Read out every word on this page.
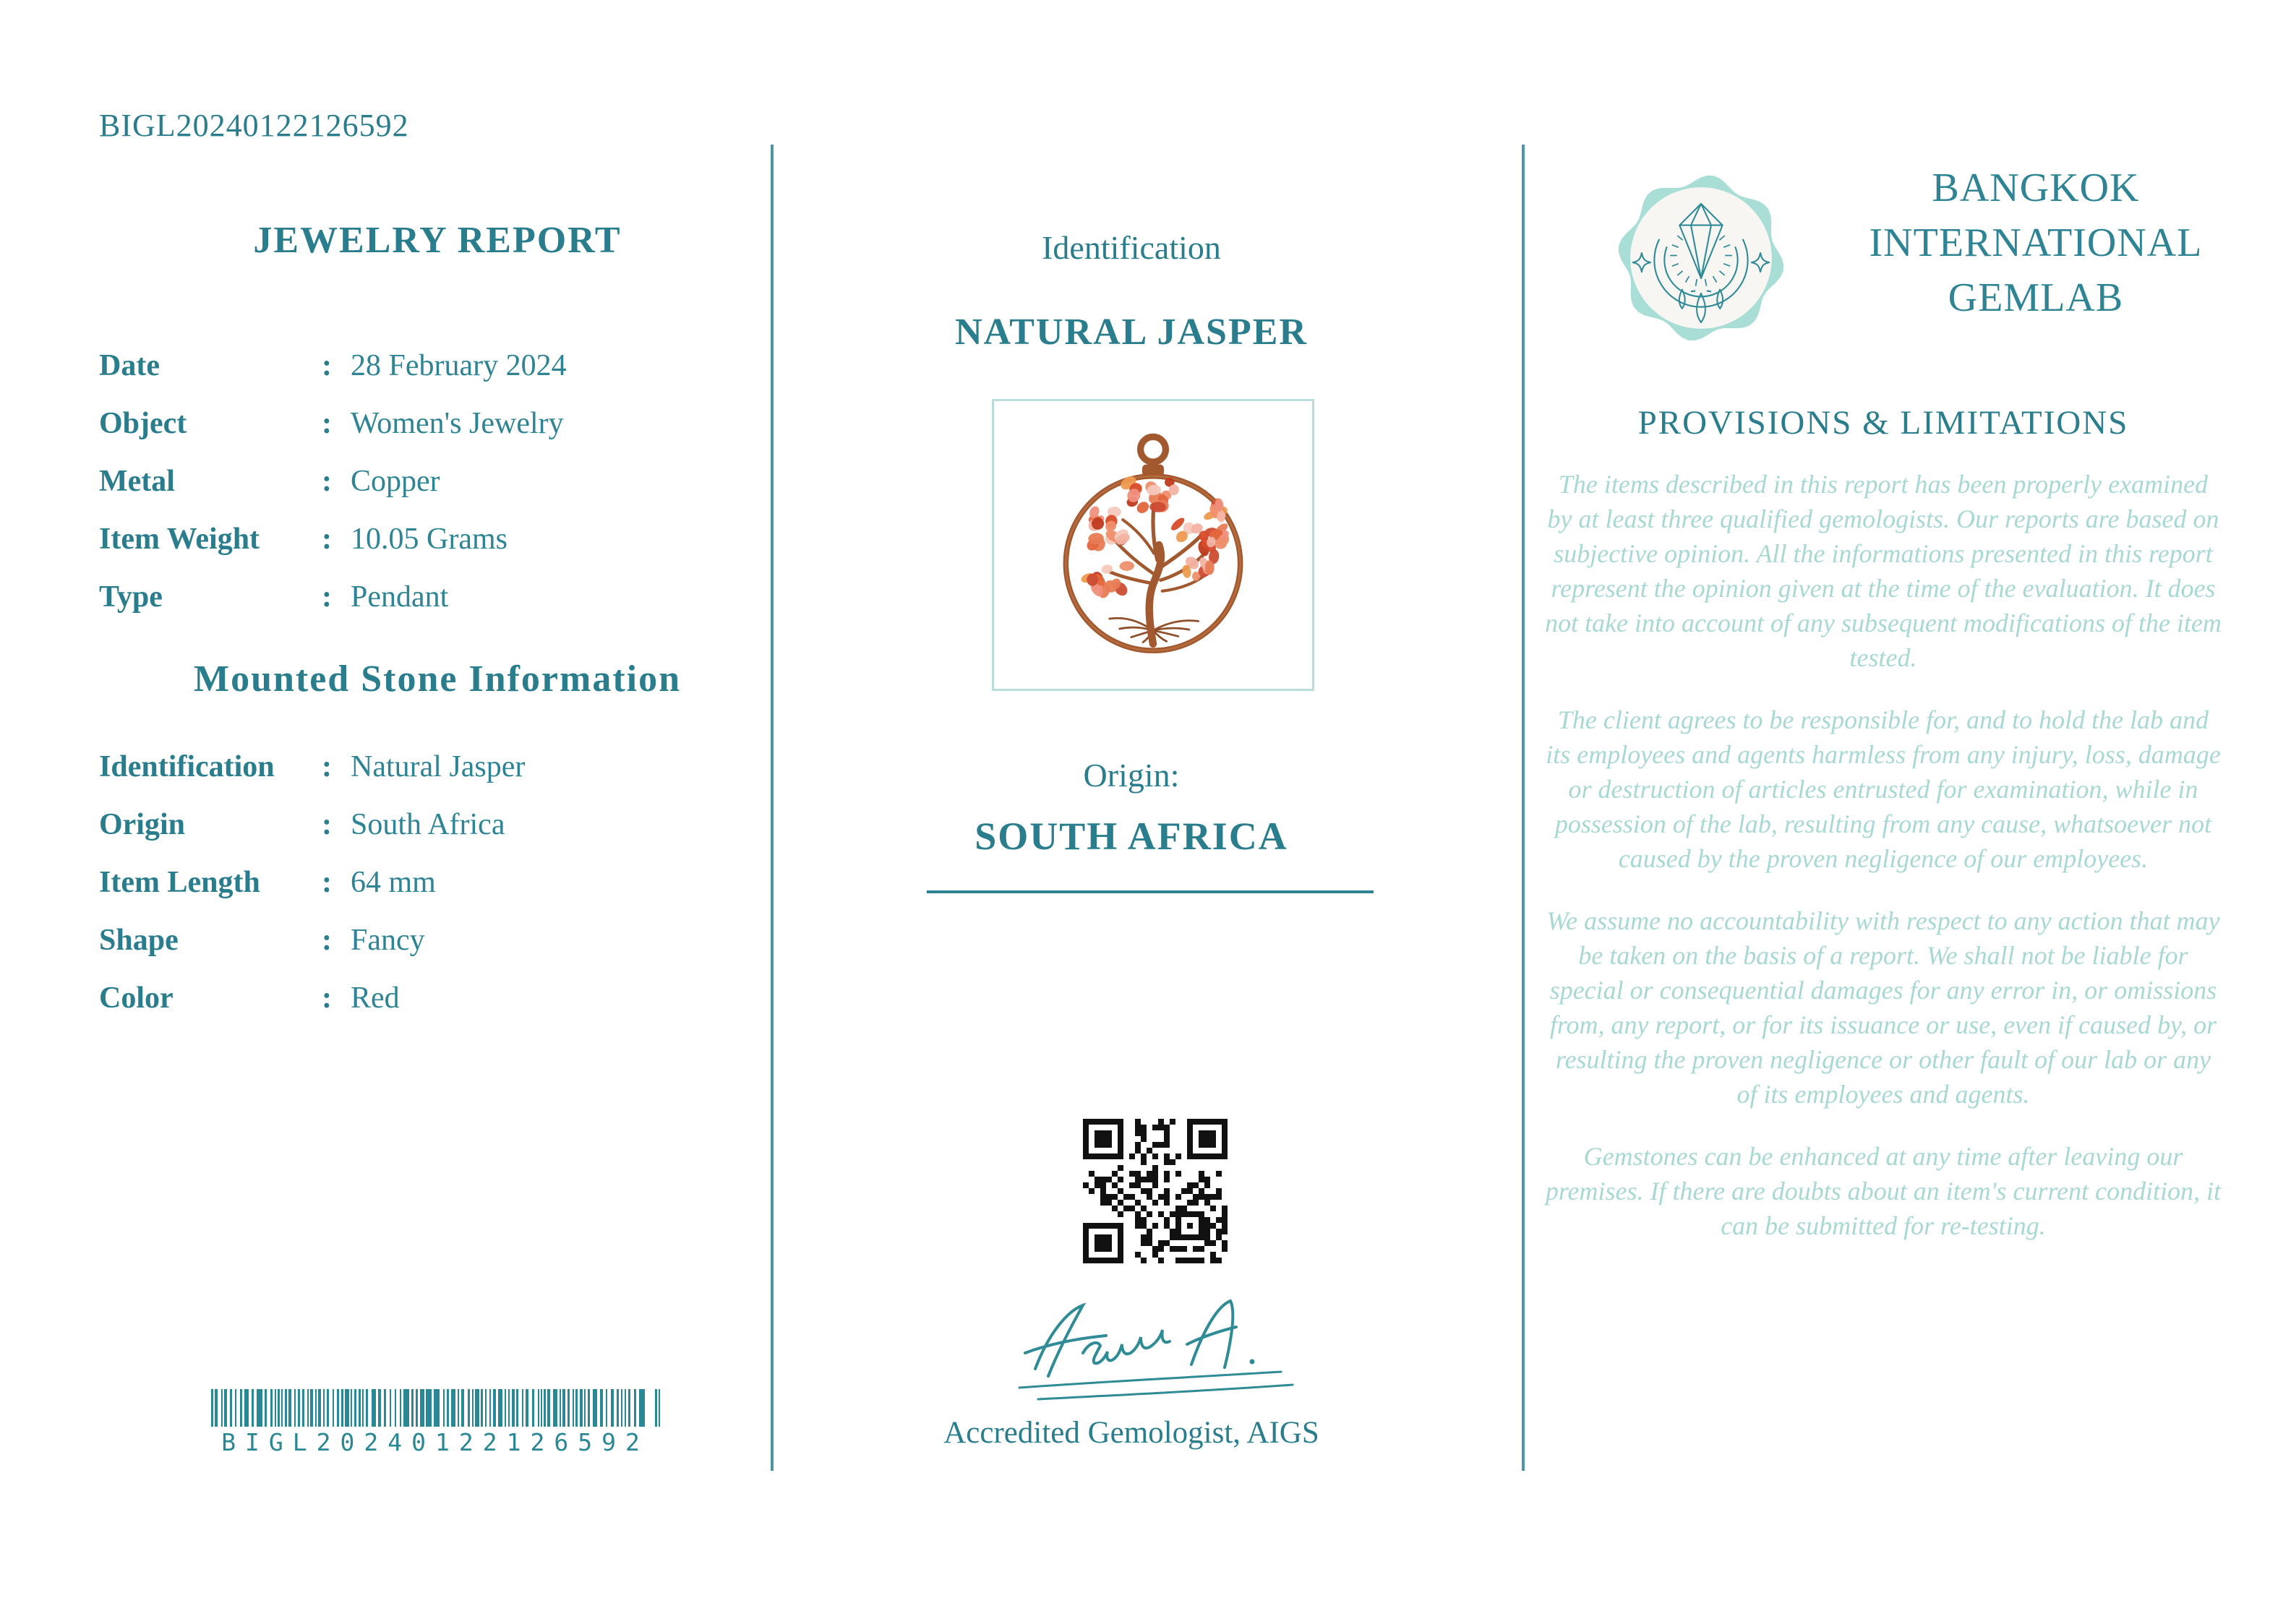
BIGL20240122126592
JEWELRY REPORT
Date	: 28 February 2024
Object	: Women's Jewelry
Metal	: Copper
Item Weight	: 10.05 Grams
Type	: Pendant
Mounted Stone Information
Identification	: Natural Jasper
Origin	: South Africa
Item Length	: 64 mm
Shape	: Fancy
Color	: Red
BIGL20240122126592
Identification
NATURAL JASPER
Origin:
SOUTH AFRICA
Accredited Gemologist, AIGS
BANGKOK
INTERNATIONAL
GEMLAB
PROVISIONS & LIMITATIONS

The items described in this report has been properly examined by at least three qualified gemologists. Our reports are based on subjective opinion. All the informations presented in this report represent the opinion given at the time of the evaluation. It does not take into account of any subsequent modifications of the item tested.

The client agrees to be responsible for, and to hold the lab and its employees and agents harmless from any injury, loss, damage or destruction of articles entrusted for examination, while in possession of the lab, resulting from any cause, whatsoever not caused by the proven negligence of our employees.

We assume no accountability with respect to any action that may be taken on the basis of a report. We shall not be liable for special or consequential damages for any error in, or omissions from, any report, or for its issuance or use, even if caused by, or resulting the proven negligence or other fault of our lab or any of its employees and agents.

Gemstones can be enhanced at any time after leaving our premises. If there are doubts about an item's current condition, it can be submitted for re-testing.
